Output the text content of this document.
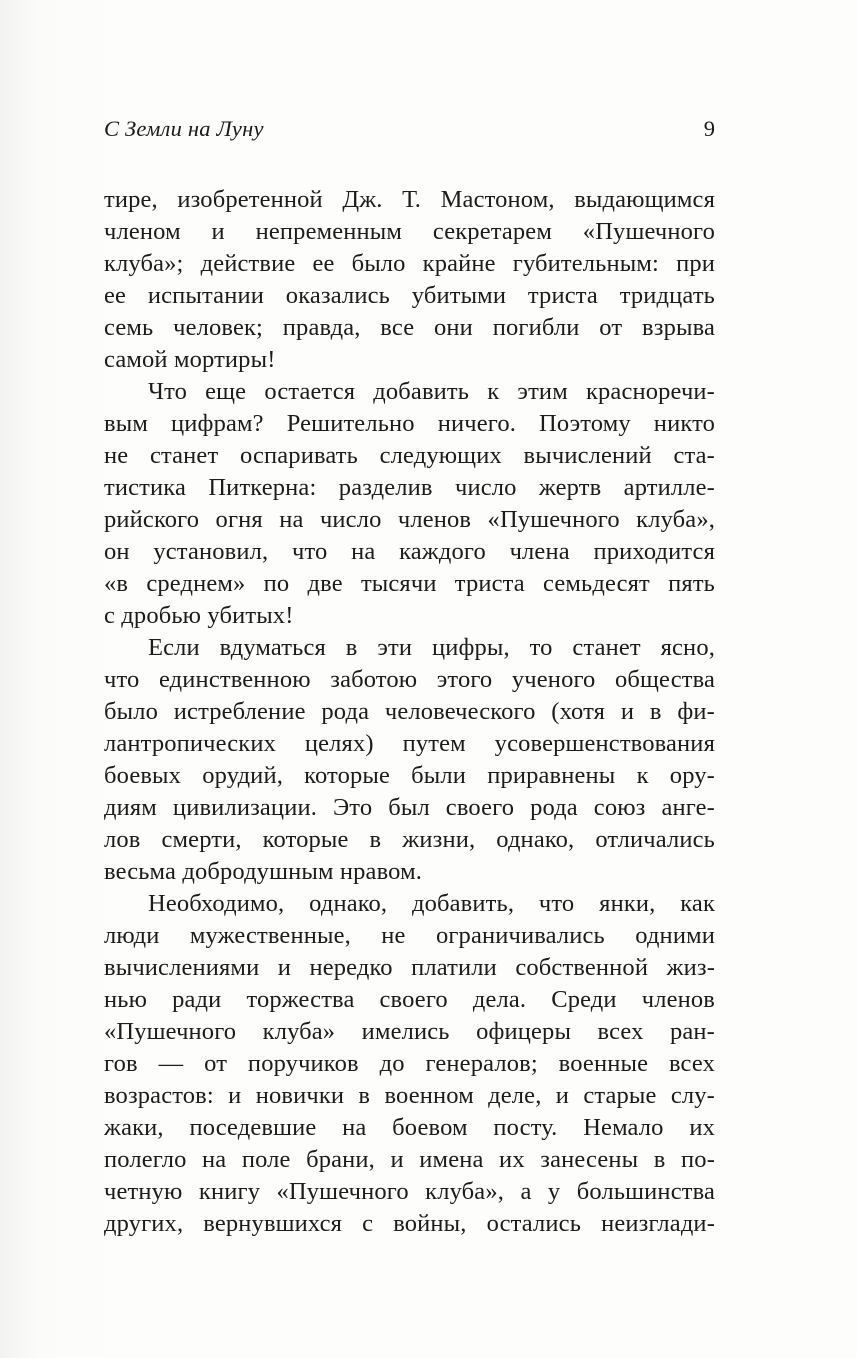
С Земли на Луну	9
тире, изобретенной Дж. Т. Мастоном, выдающимся
членом и непременным секретарем «Пушечного
клуба»; действие ее было крайне губительным: при
ее испытании оказались убитыми триста тридцать
семь человек; правда, все они погибли от взрыва
самой мортиры!
Что еще остается добавить к этим красноречи-
вым цифрам? Решительно ничего. Поэтому никто
не станет оспаривать следующих вычислений ста-
тистика Питкерна: разделив число жертв артилле-
рийского огня на число членов «Пушечного клуба»,
он установил, что на каждого члена приходится
«в среднем» по две тысячи триста семьдесят пять
с дробью убитых!
Если вдуматься в эти цифры, то станет ясно,
что единственною заботою этого ученого общества
было истребление рода человеческого (хотя и в фи-
лантропических целях) путем усовершенствования
боевых орудий, которые были приравнены к ору-
диям цивилизации. Это был своего рода союз анге-
лов смерти, которые в жизни, однако, отличались
весьма добродушным нравом.
Необходимо, однако, добавить, что янки, как
люди мужественные, не ограничивались одними
вычислениями и нередко платили собственной жиз-
нью ради торжества своего дела. Среди членов
«Пушечного клуба» имелись офицеры всех ран-
гов — от поручиков до генералов; военные всех
возрастов: и новички в военном деле, и старые слу-
жаки, поседевшие на боевом посту. Немало их
полегло на поле брани, и имена их занесены в по-
четную книгу «Пушечного клуба», а у большинства
других, вернувшихся с войны, остались неизглади-
